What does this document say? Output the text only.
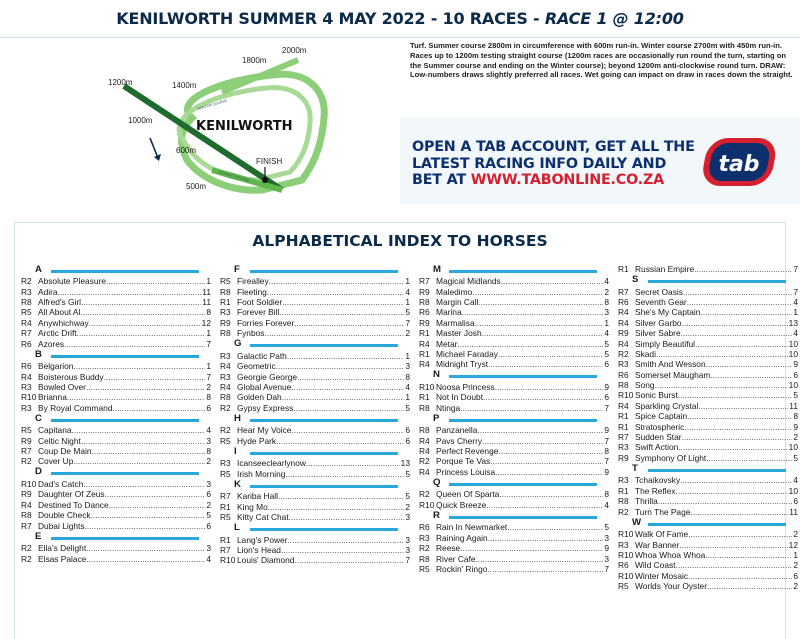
KENILWORTH SUMMER 4 MAY 2022 - 10 RACES - RACE 1 @ 12:00
2000m
1800m
1200m	1400m
1000m
600m
500m
FINISH
KENILWORTH
WINTER COURSE
SUMMER COURSE
Turf. Summer course 2800m in circumference with 600m run-in. Winter course 2700m with 450m run-in. Races up to 1200m testing straight course (1200m races are occasionally run round the turn, starting on the Summer course and ending on the Winter course); beyond 1200m anti-clockwise round turn. DRAW: Low-numbers draws slightly preferred all races. Wet going can impact on draw in races down the straight.
OPEN A TAB ACCOUNT, GET ALL THE
LATEST RACING INFO DAILY AND
BET AT WWW.TABONLINE.CO.ZA
tab
ALPHABETICAL INDEX TO HORSES
A
R2 Absolute Pleasure .....	1
R3 Adira .....	11
R8 Alfred's Girl .....	11
R5 All About Al .....	8
R4 Anywhichway .....	12
R7 Arctic Drift .....	1
R6 Azores .....	7
B
R6 Belgarion .....	1
R4 Boisterous Buddy .....	7
R3 Bowled Over .....	2
R10 Brianna .....	8
R3 By Royal Command .....	6
C
R5 Capitana .....	4
R9 Celtic Night .....	3
R7 Coup De Main .....	8
R2 Cover Up .....	2
D
R10 Dad's Catch .....	3
R9 Daughter Of Zeus .....	6
R4 Destined To Dance .....	2
R8 Double Check .....	5
R7 Dubai Lights .....	6
E
R2 Ella's Delight .....	3
R2 Elsas Palace .....	4
F
R5 Firealley .....	1
R8 Fleeting .....	4
R1 Foot Soldier .....	1
R3 Forever Bill .....	5
R9 Forries Forever .....	7
R8 Fynbos .....	2
G
R3 Galactic Path .....	1
R4 Geometric .....	3
R3 Georgie George .....	8
R4 Global Avenue .....	4
R8 Golden Dah .....	1
R2 Gypsy Express .....	5
H
R2 Hear My Voice .....	6
R5 Hyde Park .....	6
I
R3 Icanseeclearlynow .....	13
R5 Irish Morning .....	5
K
R7 Kariba Hall .....	5
R1 King Mo .....	2
R5 Kitty Cat Chat .....	3
L
R1 Lang's Power .....	3
R7 Lion's Head .....	3
R10 Louis' Diamond .....	7
M
R7 Magical Midlands .....	4
R9 Maledimo .....	2
R8 Margin Call .....	8
R6 Marina .....	3
R9 Marmalisa .....	1
R1 Master Josh .....	4
R4 Metar .....	5
R1 Michael Faraday .....	5
R4 Midnight Tryst .....	6
N
R10 Noosa Princess .....	9
R1 Not In Doubt .....	6
R8 Ntinga .....	7
P
R8 Panzanella .....	9
R4 Pavs Cherry .....	7
R4 Perfect Revenge .....	8
R2 Porque Te Vas .....	7
R4 Princess Louisa .....	9
Q
R2 Queen Of Sparta .....	8
R10 Quick Breeze .....	4
R
R6 Rain In Newmarket .....	5
R3 Raining Again .....	3
R2 Reese .....	9
R8 River Cafe .....	3
R5 Rockin' Ringo .....	7
R1 Russian Empire .....	7
S
R7 Secret Oasis .....	7
R6 Seventh Gear .....	4
R4 She's My Captain .....	1
R4 Silver Garbo .....	13
R9 Silver Sabre .....	4
R4 Simply Beautiful .....	10
R2 Skadi .....	10
R3 Smith And Wesson .....	9
R6 Somerset Maugham .....	6
R8 Song .....	10
R10 Sonic Burst .....	5
R4 Sparkling Crystal .....	11
R1 Spice Captain .....	8
R1 Stratospheric .....	9
R7 Sudden Star .....	2
R3 Swift Action .....	10
R9 Symphony Of Light .....	5
T
R3 Tchaikovsky .....	4
R1 The Reflex .....	10
R8 Thrilla .....	6
R2 Turn The Page .....	11
W
R10 Walk Of Fame .....	2
R3 War Banner .....	12
R10 Whoa Whoa Whoa .....	1
R6 Wild Coast .....	2
R10 Winter Mosaic .....	6
R5 Worlds Your Oyster .....	2
